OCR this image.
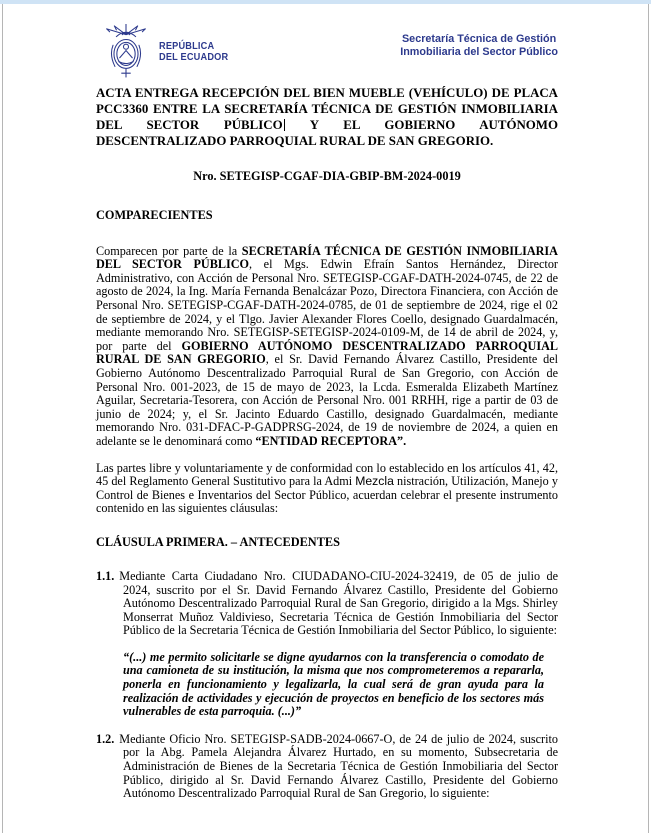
REPÚBLICA
DEL ECUADOR
Secretaría Técnica de Gestión
Inmobiliaria del Sector Público

ACTA ENTREGA RECEPCIÓN DEL BIEN MUEBLE (VEHÍCULO) DE PLACA PCC3360 ENTRE LA SECRETARÍA TÉCNICA DE GESTIÓN INMOBILIARIA DEL SECTOR PÚBLICO Y EL GOBIERNO AUTÓNOMO DESCENTRALIZADO PARROQUIAL RURAL DE SAN GREGORIO.

Nro. SETEGISP-CGAF-DIA-GBIP-BM-2024-0019

COMPARECIENTES

Comparecen por parte de la SECRETARÍA TÉCNICA DE GESTIÓN INMOBILIARIA DEL SECTOR PÚBLICO, el Mgs. Edwin Efraín Santos Hernández, Director Administrativo, con Acción de Personal Nro. SETEGISP-CGAF-DATH-2024-0745, de 22 de agosto de 2024, la Ing. María Fernanda Benalcázar Pozo, Directora Financiera, con Acción de Personal Nro. SETEGISP-CGAF-DATH-2024-0785, de 01 de septiembre de 2024, rige el 02 de septiembre de 2024, y el Tlgo. Javier Alexander Flores Coello, designado Guardalmacén, mediante memorando Nro. SETEGISP-SETEGISP-2024-0109-M, de 14 de abril de 2024, y, por parte del GOBIERNO AUTÓNOMO DESCENTRALIZADO PARROQUIAL RURAL DE SAN GREGORIO, el Sr. David Fernando Álvarez Castillo, Presidente del Gobierno Autónomo Descentralizado Parroquial Rural de San Gregorio, con Acción de Personal Nro. 001-2023, de 15 de mayo de 2023, la Lcda. Esmeralda Elizabeth Martínez Aguilar, Secretaria-Tesorera, con Acción de Personal Nro. 001 RRHH, rige a partir de 03 de junio de 2024; y, el Sr. Jacinto Eduardo Castillo, designado Guardalmacén, mediante memorando Nro. 031-DFAC-P-GADPRSG-2024, de 19 de noviembre de 2024, a quien en adelante se le denominará como “ENTIDAD RECEPTORA”.

Las partes libre y voluntariamente y de conformidad con lo establecido en los artículos 41, 42, 45 del Reglamento General Sustitutivo para la Admi Mezcla nistración, Utilización, Manejo y Control de Bienes e Inventarios del Sector Público, acuerdan celebrar el presente instrumento contenido en las siguientes cláusulas:

CLÁUSULA PRIMERA. – ANTECEDENTES

1.1. Mediante Carta Ciudadano Nro. CIUDADANO-CIU-2024-32419, de 05 de julio de 2024, suscrito por el Sr. David Fernando Álvarez Castillo, Presidente del Gobierno Autónomo Descentralizado Parroquial Rural de San Gregorio, dirigido a la Mgs. Shirley Monserrat Muñoz Valdivieso, Secretaria Técnica de Gestión Inmobiliaria del Sector Público de la Secretaria Técnica de Gestión Inmobiliaria del Sector Público, lo siguiente:

“(...) me permito solicitarle se digne ayudarnos con la transferencia o comodato de una camioneta de su institución, la misma que nos comprometeremos a repararla, ponerla en funcionamiento y legalizarla, la cual será de gran ayuda para la realización de actividades y ejecución de proyectos en beneficio de los sectores más vulnerables de esta parroquia. (...)”

1.2. Mediante Oficio Nro. SETEGISP-SADB-2024-0667-O, de 24 de julio de 2024, suscrito por la Abg. Pamela Alejandra Álvarez Hurtado, en su momento, Subsecretaria de Administración de Bienes de la Secretaria Técnica de Gestión Inmobiliaria del Sector Público, dirigido al Sr. David Fernando Álvarez Castillo, Presidente del Gobierno Autónomo Descentralizado Parroquial Rural de San Gregorio, lo siguiente:
